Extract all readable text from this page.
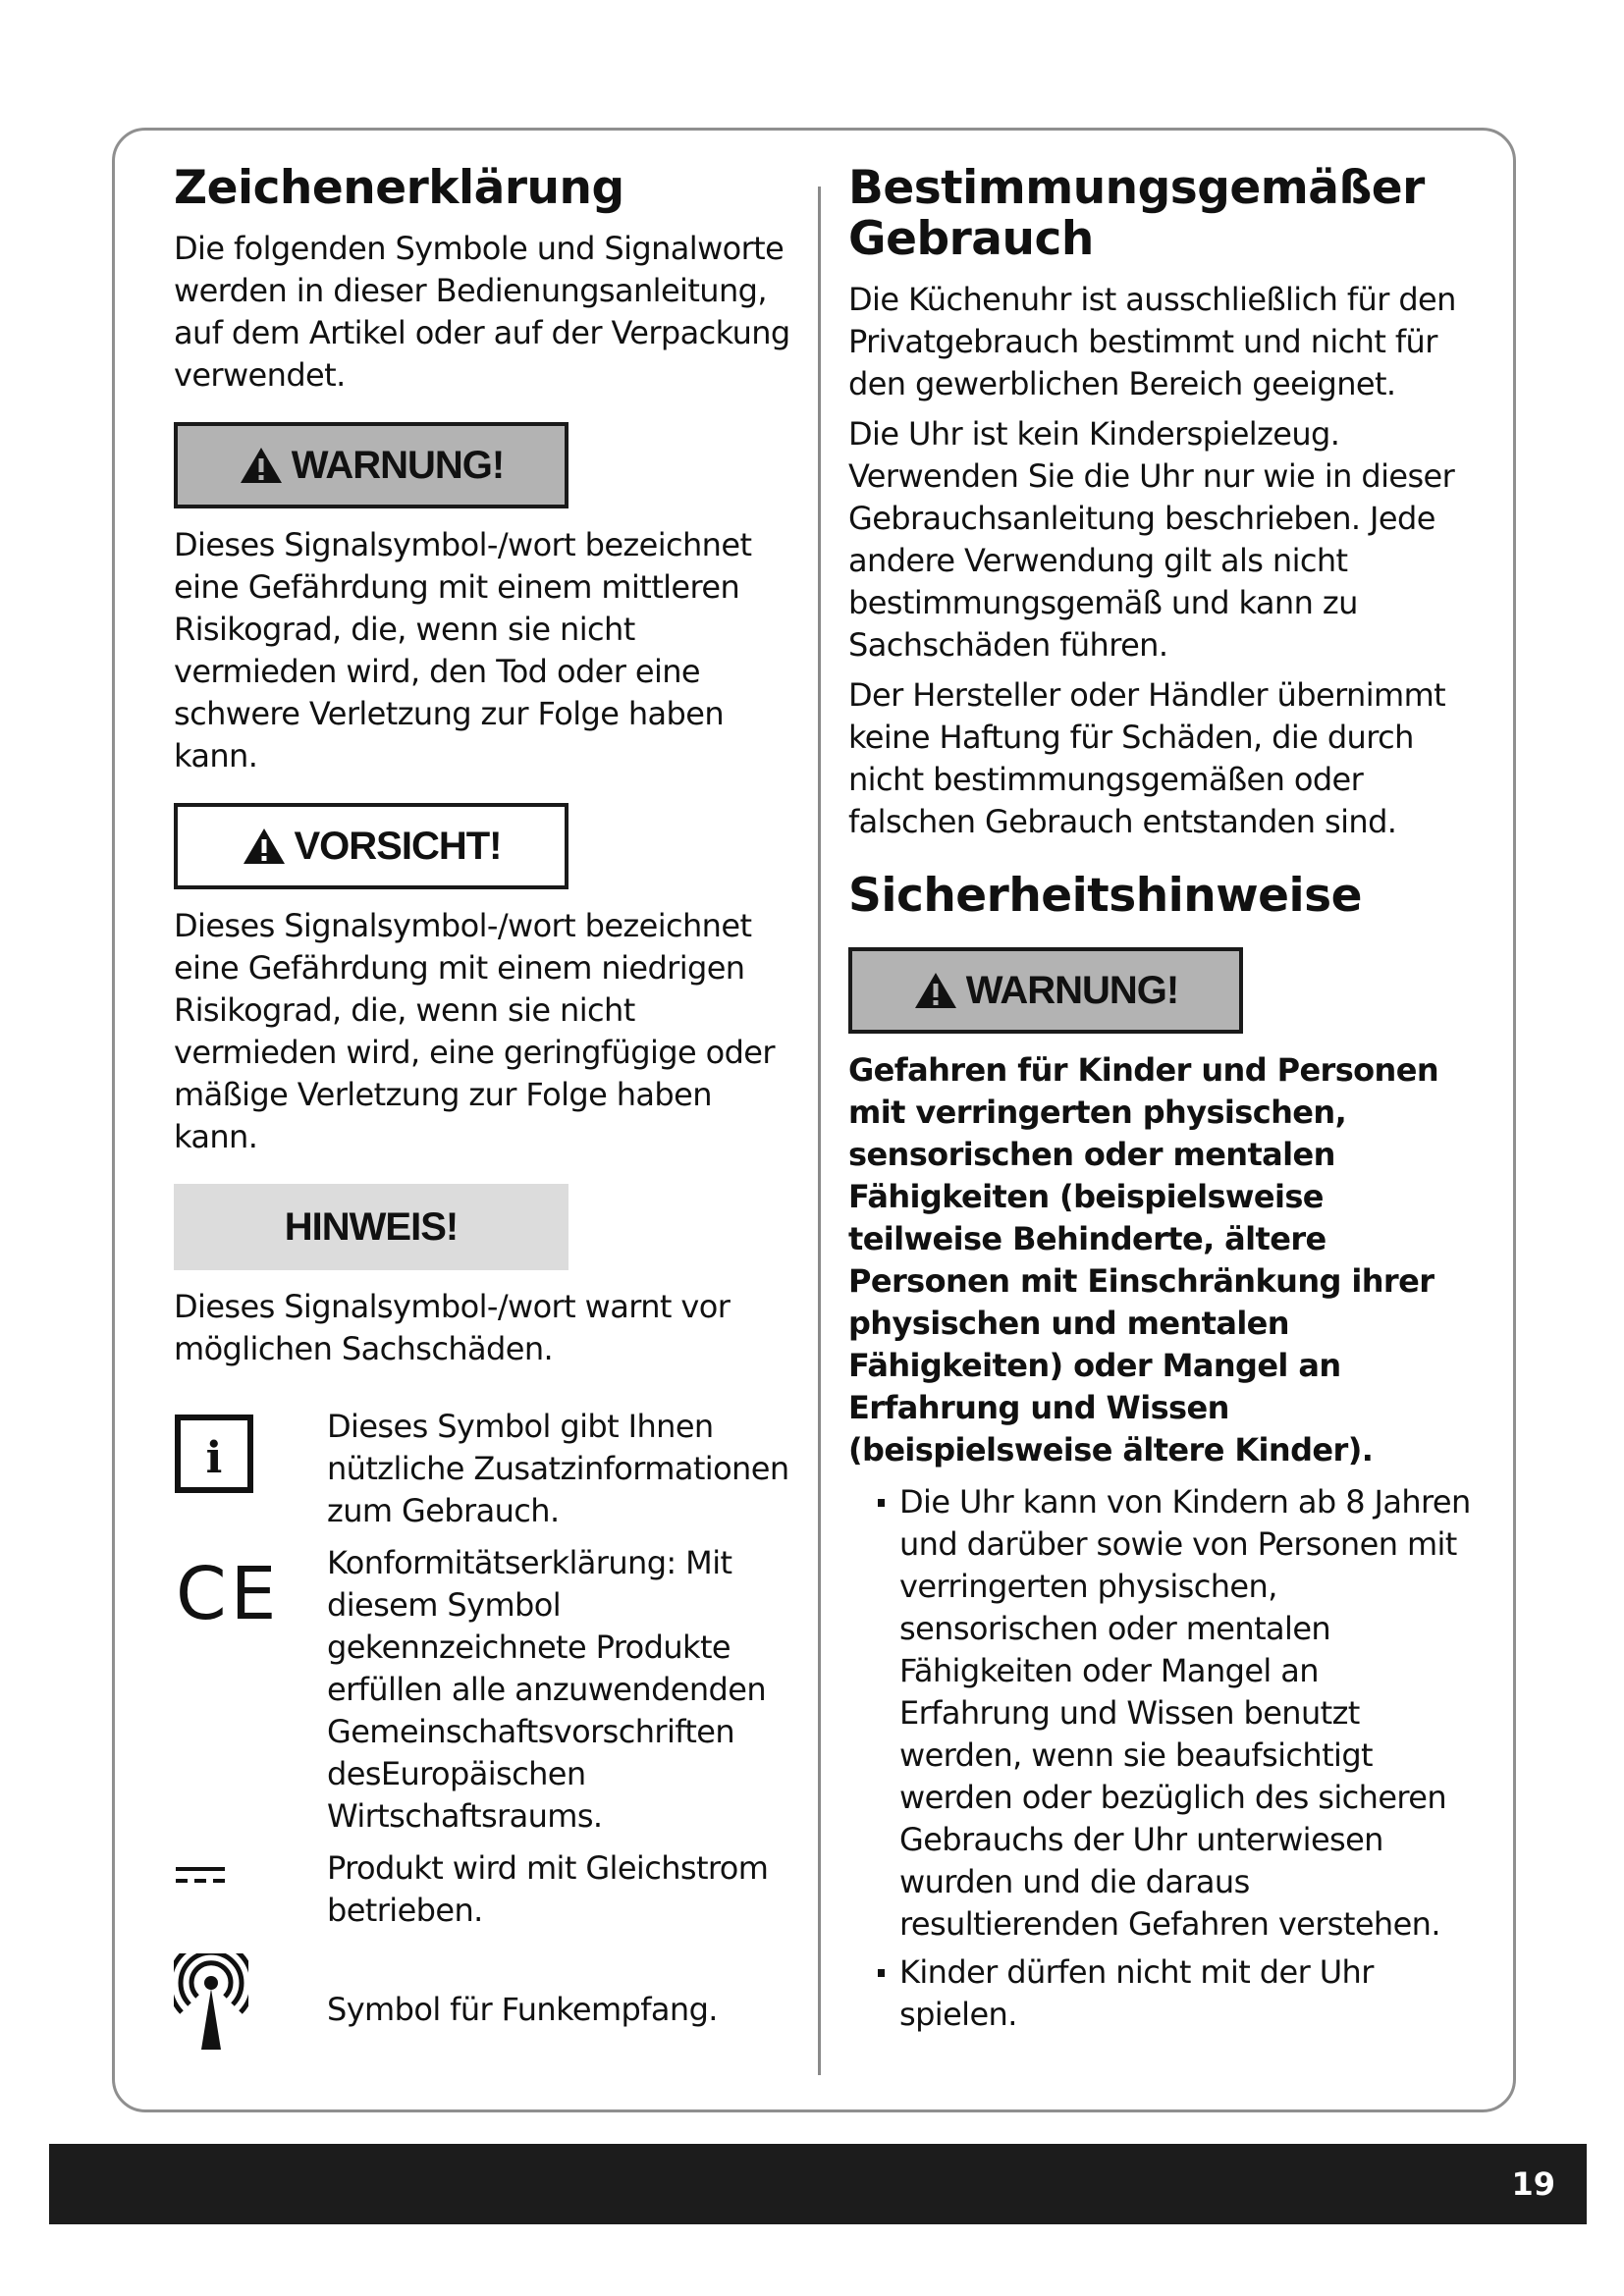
Zeichenerklärung

Die folgenden Symbole und Signalworte werden in dieser Bedienungsanleitung, auf dem Artikel oder auf der Verpackung verwendet.

WARNUNG!

Dieses Signalsymbol-/wort bezeichnet eine Gefährdung mit einem mittleren Risikograd, die, wenn sie nicht vermieden wird, den Tod oder eine schwere Verletzung zur Folge haben kann.

VORSICHT!

Dieses Signalsymbol-/wort bezeichnet eine Gefährdung mit einem niedrigen Risikograd, die, wenn sie nicht vermieden wird, eine geringfügige oder mäßige Verletzung zur Folge haben kann.

HINWEIS!

Dieses Signalsymbol-/wort warnt vor möglichen Sachschäden.

i
Dieses Symbol gibt Ihnen nützliche Zusatzinformationen zum Gebrauch.
CE Konformitätserklärung: Mit diesem Symbol gekennzeichnete Produkte erfüllen alle anzuwendenden Gemeinschaftsvorschriften desEuropäischen Wirtschaftsraums.
Produkt wird mit Gleichstrom betrieben.
Symbol für Funkempfang.
Bestimmungsgemäßer Gebrauch

Die Küchenuhr ist ausschließlich für den Privatgebrauch bestimmt und nicht für den gewerblichen Bereich geeignet.

Die Uhr ist kein Kinderspielzeug. Verwenden Sie die Uhr nur wie in dieser Gebrauchsanleitung beschrieben. Jede andere Verwendung gilt als nicht bestimmungsgemäß und kann zu Sachschäden führen.

Der Hersteller oder Händler übernimmt keine Haftung für Schäden, die durch nicht bestimmungsgemäßen oder falschen Gebrauch entstanden sind.

Sicherheitshinweise
WARNUNG!

Gefahren für Kinder und Personen mit verringerten physischen, sensorischen oder mentalen Fähigkeiten (beispielsweise teilweise Behinderte, ältere Personen mit Einschränkung ihrer physischen und mentalen Fähigkeiten) oder Mangel an Erfahrung und Wissen (beispielsweise ältere Kinder).

Die Uhr kann von Kindern ab 8 Jahren und darüber sowie von Personen mit verringerten physischen, sensorischen oder mentalen Fähigkeiten oder Mangel an Erfahrung und Wissen benutzt werden, wenn sie beaufsichtigt werden oder bezüglich des sicheren Gebrauchs der Uhr unterwiesen wurden und die daraus resultierenden Gefahren verstehen.
Kinder dürfen nicht mit der Uhr spielen.
19
